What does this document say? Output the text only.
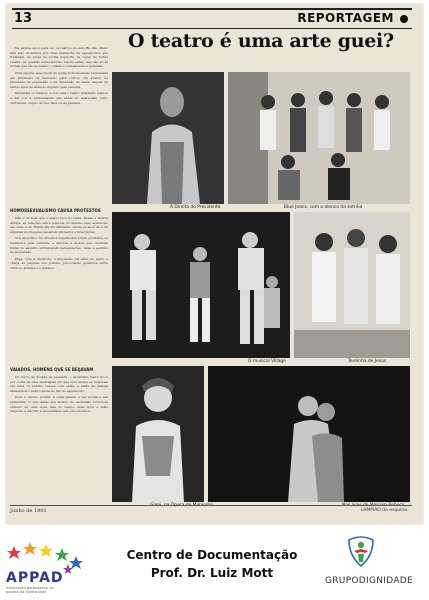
13	REPORTAGEM
O teatro é uma arte guei?

De alguns anos para cá, os teatros do eixo Rio-São Paulo têm sido invadidos por uma avalanche de espetáculos que tratavam, às vezes de forma explícita, às vezes de forma velada, da questão homossexual. Desde então, não são só as bichas que vão ao teatro: o público compareceu e aplaudiu.

Para alguns, esse boom de peças homossexuais representa um fenômeno de mercado; para outros, um avanço na liberdade de expressão e na discussão do tema, depois de tantos anos de silêncio imposto pela censura.

Mudaram os tempos, e com eles o teatro brasileiro passou a dar voz a personagens que antes só apareciam como caricatura, objeto de riso fácil ou de piedade.

HOMOSSEXUALISMO CAUSA PROTESTOS

Não é de hoje que o teatro toca no tema. Desde a Grécia Antiga, as relações entre pessoas do mesmo sexo aparecem em cena, e no Brasil não foi diferente: desde os anos 40 e 50 algumas montagens causaram protestos e interdições.

Nos anos 60 e 70, diversos espetáculos foram proibidos ou mutilados pela censura, e autores e atores que ousaram tratar do assunto enfrentaram perseguições, vaias e pedidos de suspensão.

Hoje, com a abertura, a discussão vai além do palco e chega às páginas dos jornais, provocando polêmica entre críticos, artistas e o público.

VAIADOS, HOMENS QUE SE BEIJAVAM

No início da década de sessenta, o escândalo maior ficou por conta de uma montagem em que dois atores se beijavam em cena. O público reagiu com vaias, e parte da plateia abandonou o teatro antes do fim do espetáculo.

Com o tempo, porém, a cena passou a ser aceita e até aplaudida. O que antes era motivo de escândalo tornou-se símbolo de uma nova fase do teatro, mais livre e mais disposto a discutir a sexualidade sem preconceitos.

A Direita do Presidente	Blue Jeans, com o alenco da estréia
O musical Village	Tereinha de Jesus
Junho de 1981	LAMPIÃO da esquina
APPAD
associação paranaense da parada da diversidade
Centro de Documentação
Prof. Dr. Luiz Mott
GRUPODIGNIDADE
